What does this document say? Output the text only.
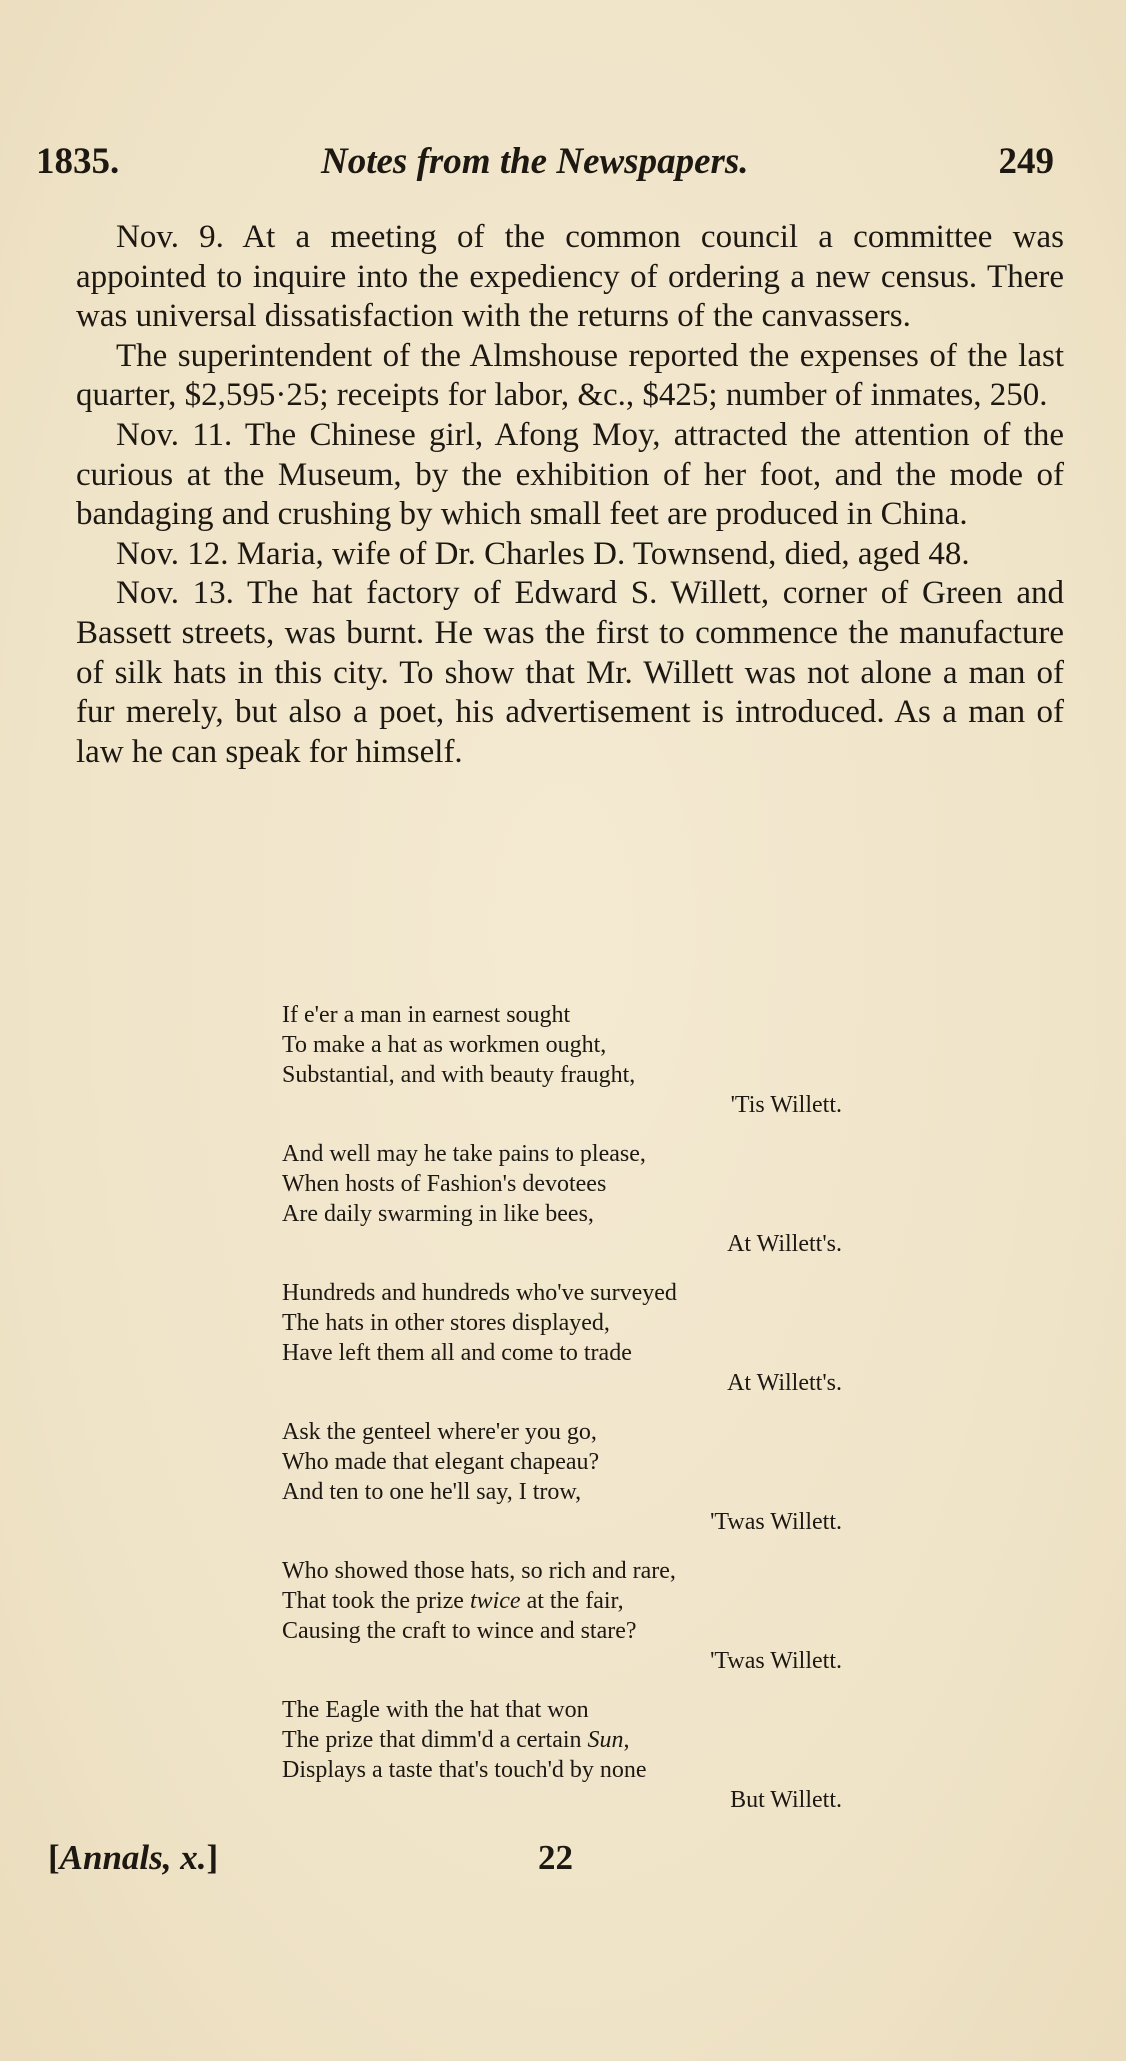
1835.	Notes from the Newspapers.	249

Nov. 9. At a meeting of the common council a committee was appointed to inquire into the expediency of ordering a new census. There was universal dissatisfaction with the returns of the canvassers.

The superintendent of the Almshouse reported the expenses of the last quarter, $2,595·25; receipts for labor, &c., $425; number of inmates, 250.

Nov. 11. The Chinese girl, Afong Moy, attracted the attention of the curious at the Museum, by the exhibition of her foot, and the mode of bandaging and crushing by which small feet are produced in China.

Nov. 12. Maria, wife of Dr. Charles D. Townsend, died, aged 48.

Nov. 13. The hat factory of Edward S. Willett, corner of Green and Bassett streets, was burnt. He was the first to commence the manufacture of silk hats in this city. To show that Mr. Willett was not alone a man of fur merely, but also a poet, his advertisement is introduced. As a man of law he can speak for himself.

If e'er a man in earnest sought
To make a hat as workmen ought,
Substantial, and with beauty fraught,
'Tis Willett.
And well may he take pains to please,
When hosts of Fashion's devotees
Are daily swarming in like bees,
At Willett's.
Hundreds and hundreds who've surveyed
The hats in other stores displayed,
Have left them all and come to trade
At Willett's.
Ask the genteel where'er you go,
Who made that elegant chapeau?
And ten to one he'll say, I trow,
'Twas Willett.
Who showed those hats, so rich and rare,
That took the prize twice at the fair,
Causing the craft to wince and stare?
'Twas Willett.
The Eagle with the hat that won
The prize that dimm'd a certain Sun,
Displays a taste that's touch'd by none
But Willett.
[Annals, x.]	22
